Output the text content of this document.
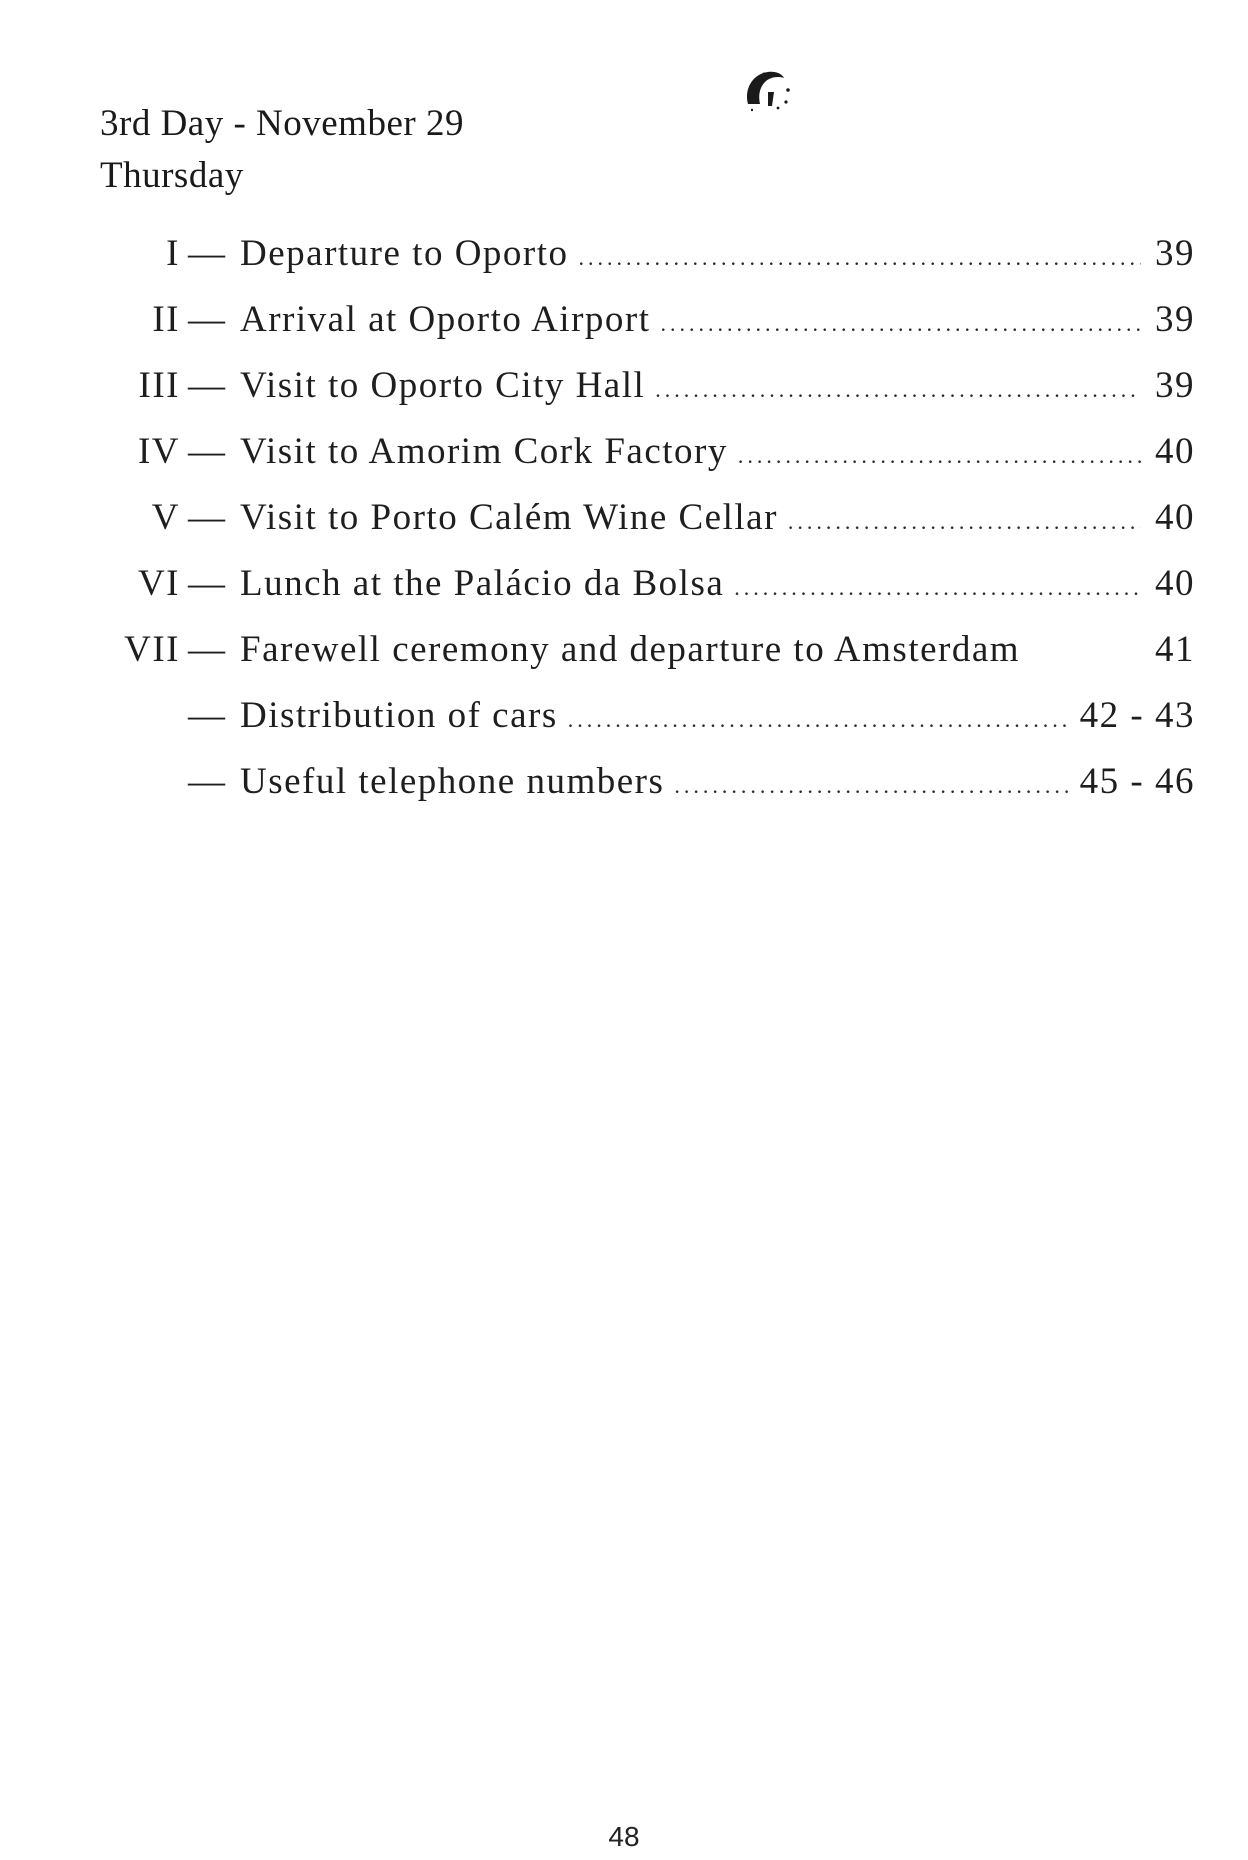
3rd Day - November 29
Thursday
I — Departure to Oporto .....	39
II — Arrival at Oporto Airport .....	39
III — Visit to Oporto City Hall .....	39
IV — Visit to Amorim Cork Factory .....	40
V — Visit to Porto Calém Wine Cellar .....	40
VI — Lunch at the Palácio da Bolsa .....	40
VII — Farewell ceremony and departure to Amsterdam	41
— Distribution of cars .....	42 - 43
— Useful telephone numbers .....	45 - 46
48
